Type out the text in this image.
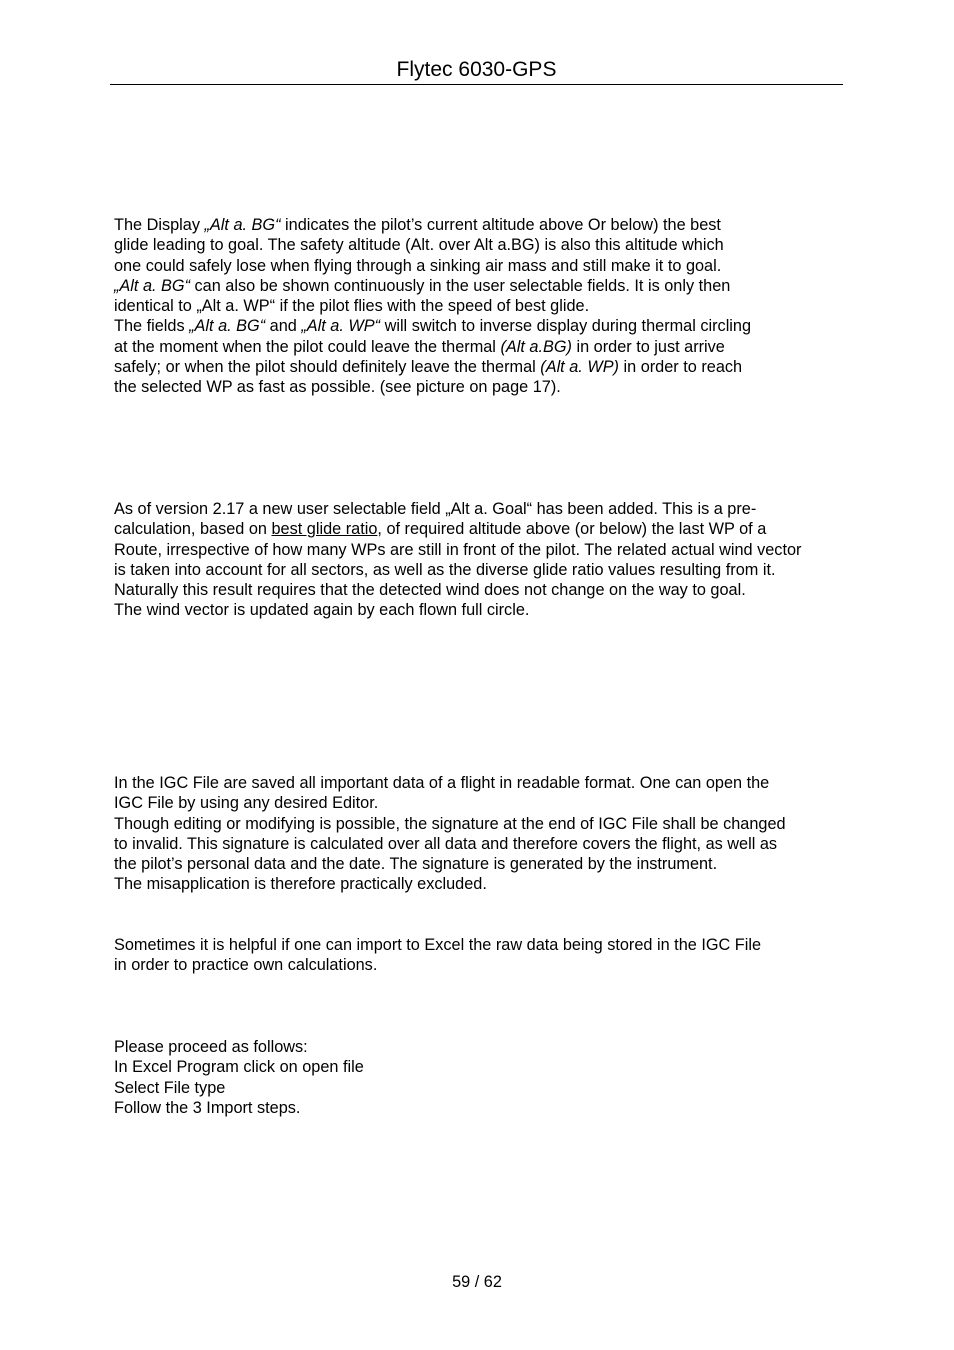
Flytec 6030-GPS
The Display „Alt a. BG“ indicates the pilot’s current altitude above Or below) the best
glide leading to goal. The safety altitude (Alt. over Alt a.BG) is also this altitude which
one could safely lose when flying through a sinking air mass and still make it to goal.
„Alt a. BG“ can also be shown continuously in the user selectable fields. It is only then
identical to „Alt a. WP“ if the pilot flies with the speed of best glide.
The fields „Alt a. BG“ and „Alt a. WP“ will switch to inverse display during thermal circling
at the moment when the pilot could leave the thermal (Alt a.BG) in order to just arrive
safely; or when the pilot should definitely leave the thermal (Alt a. WP) in order to reach
the selected WP as fast as possible. (see picture on page 17).
As of version 2.17 a new user selectable field „Alt a. Goal“ has been added. This is a pre-
calculation, based on best glide ratio, of required altitude above (or below) the last WP of a
Route, irrespective of how many WPs are still in front of the pilot. The related actual wind vector
is taken into account for all sectors, as well as the diverse glide ratio values resulting from it.
Naturally this result requires that the detected wind does not change on the way to goal.
The wind vector is updated again by each flown full circle.
In the IGC File are saved all important data of a flight in readable format. One can open the
IGC File by using any desired Editor.
Though editing or modifying is possible, the signature at the end of IGC File shall be changed
to invalid. This signature is calculated over all data and therefore covers the flight, as well as
the pilot’s personal data and the date. The signature is generated by the instrument.
The misapplication is therefore practically excluded.
Sometimes it is helpful if one can import to Excel the raw data being stored in the IGC File
in order to practice own calculations.
Please proceed as follows:
In Excel Program click on open file
Select File type
Follow the 3 Import steps.
59 / 62
